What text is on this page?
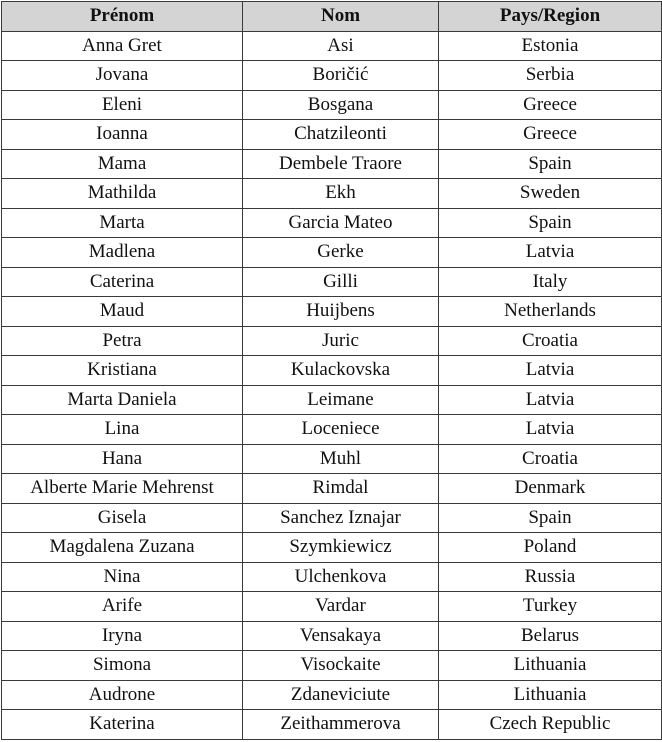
Prénom	Nom	Pays/Region
Anna Gret	Asi	Estonia
Jovana	Boričić	Serbia
Eleni	Bosgana	Greece
Ioanna	Chatzileonti	Greece
Mama	Dembele Traore	Spain
Mathilda	Ekh	Sweden
Marta	Garcia Mateo	Spain
Madlena	Gerke	Latvia
Caterina	Gilli	Italy
Maud	Huijbens	Netherlands
Petra	Juric	Croatia
Kristiana	Kulackovska	Latvia
Marta Daniela	Leimane	Latvia
Lina	Loceniece	Latvia
Hana	Muhl	Croatia
Alberte Marie Mehrenst	Rimdal	Denmark
Gisela	Sanchez Iznajar	Spain
Magdalena Zuzana	Szymkiewicz	Poland
Nina	Ulchenkova	Russia
Arife	Vardar	Turkey
Iryna	Vensakaya	Belarus
Simona	Visockaite	Lithuania
Audrone	Zdaneviciute	Lithuania
Katerina	Zeithammerova	Czech Republic
